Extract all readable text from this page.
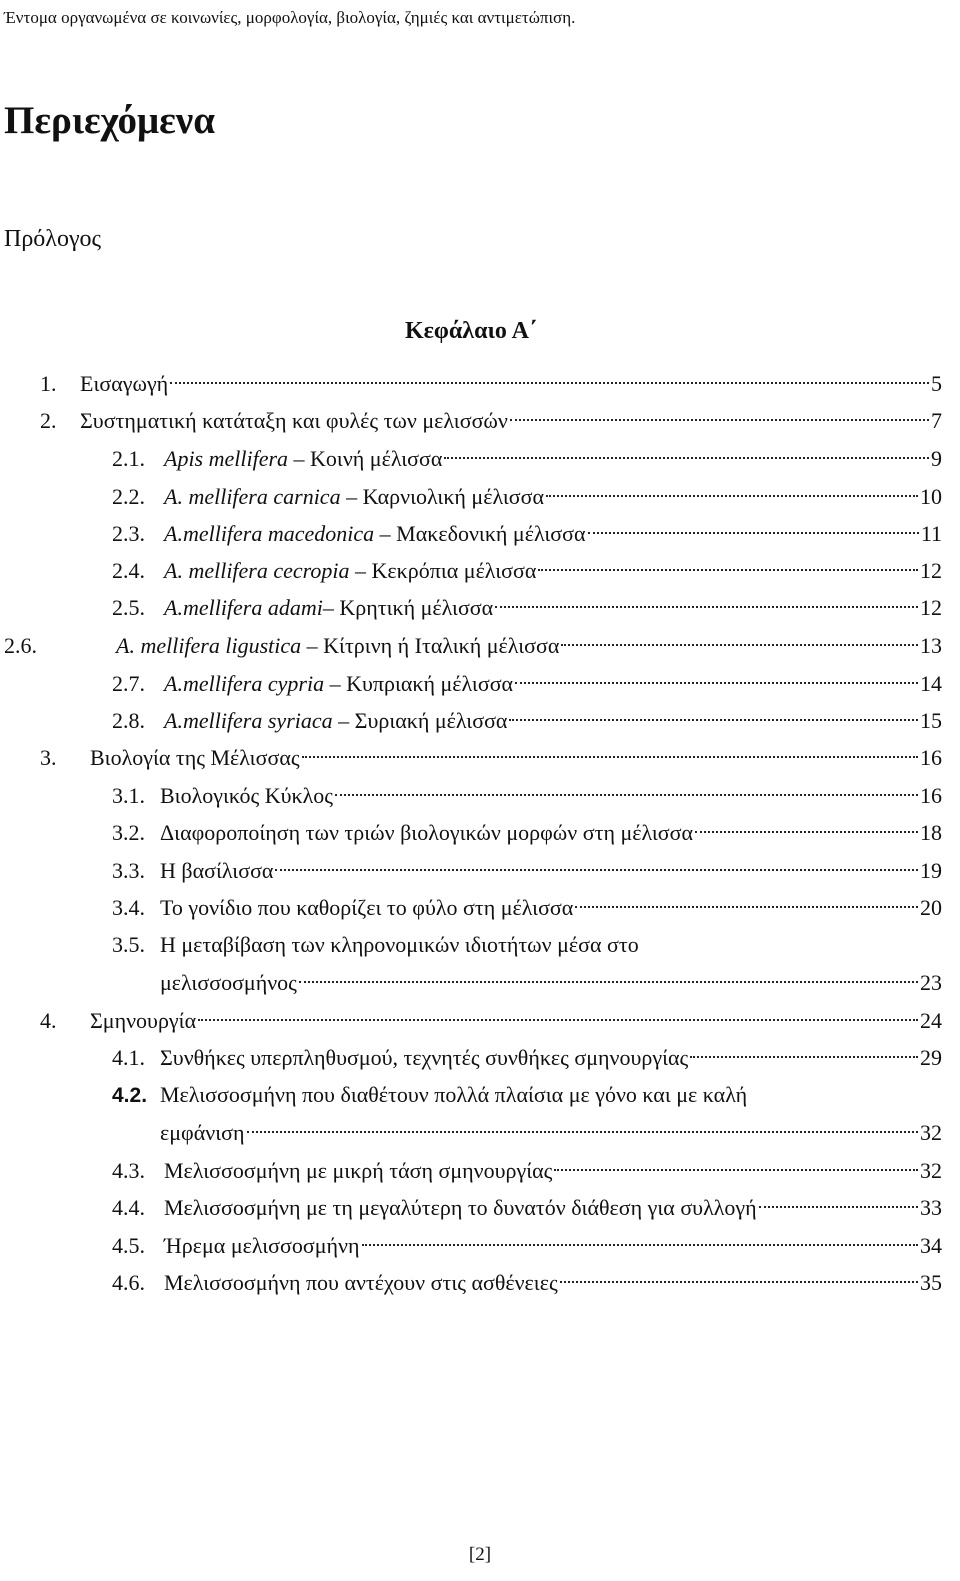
Έντομα οργανωμένα σε κοινωνίες, μορφολογία, βιολογία, ζημιές και αντιμετώπιση.
Περιεχόμενα
Πρόλογος
Κεφάλαιο Α΄
1.	Εισαγωγή	5
2.	Συστηματική κατάταξη και φυλές των μελισσών	7
2.1. Apis mellifera – Κοινή μέλισσα	9
2.2. A. mellifera carnica – Καρνιολική μέλισσα	10
2.3. A.mellifera macedonica – Μακεδονική μέλισσα	11
2.4. A. mellifera cecropia – Κεκρόπια μέλισσα	12
2.5. A.mellifera adami– Κρητική μέλισσα	12
2.6.	A. mellifera ligustica – Κίτρινη ή Ιταλική μέλισσα	13
2.7. A.mellifera cypria – Κυπριακή μέλισσα	14
2.8. A.mellifera syriaca – Συριακή μέλισσα	15
3.	Βιολογία της Μέλισσας	16
3.1. Βιολογικός Κύκλος	16
3.2. Διαφοροποίηση των τριών βιολογικών μορφών στη μέλισσα	18
3.3. Η βασίλισσα	19
3.4. Το γονίδιο που καθορίζει το φύλο στη μέλισσα	20
3.5. Η μεταβίβαση των κληρονομικών ιδιοτήτων μέσα στο
μελισσοσμήνος	23
4.	Σμηνουργία	24
4.1. Συνθήκες υπερπληθυσμού, τεχνητές συνθήκες σμηνουργίας	29
4.2. Μελισσοσμήνη που διαθέτουν πολλά πλαίσια με γόνο και με καλή
εμφάνιση	32
4.3. Μελισσοσμήνη με μικρή τάση σμηνουργίας	32
4.4. Μελισσοσμήνη με τη μεγαλύτερη το δυνατόν διάθεση για συλλογή	33
4.5. Ήρεμα μελισσοσμήνη	34
4.6. Μελισσοσμήνη που αντέχουν στις ασθένειες	35
[2]
